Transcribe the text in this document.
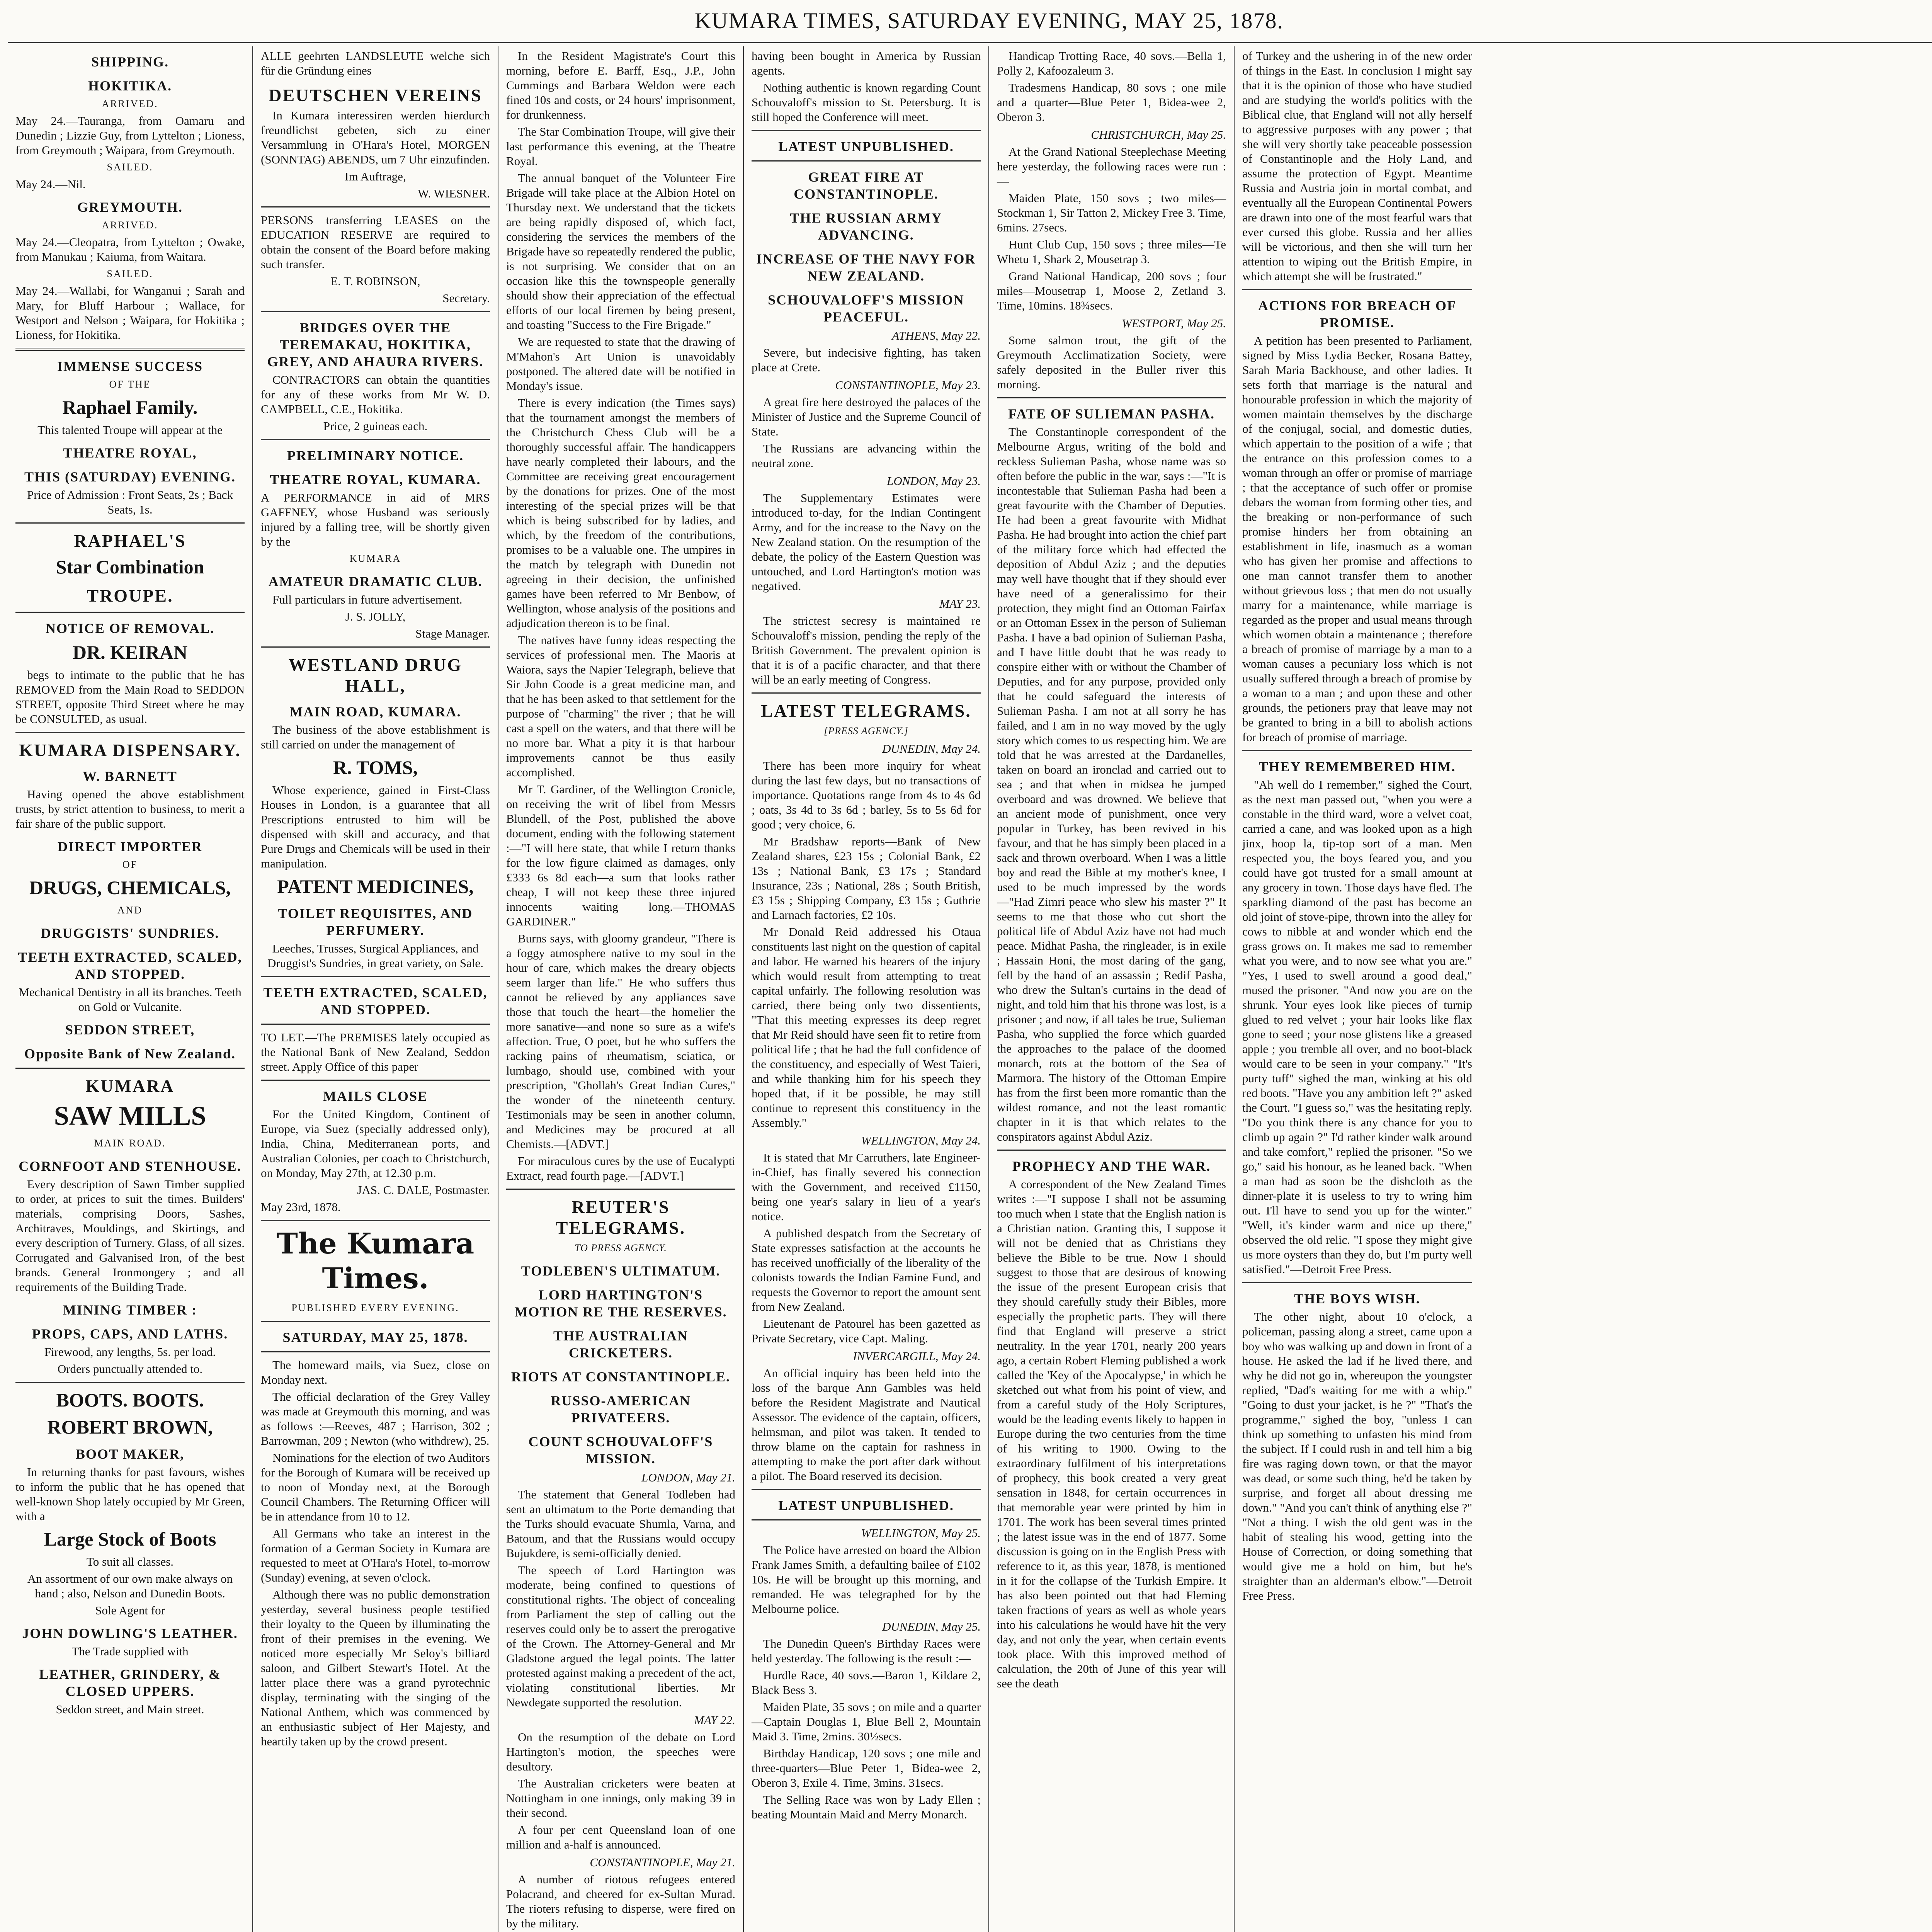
KUMARA TIMES, SATURDAY EVENING, MAY 25, 1878.
SHIPPING.
HOKITIKA.
ARRIVED.

May 24.—Tauranga, from Oamaru and Dunedin ; Lizzie Guy, from Lyttelton ; Lioness, from Greymouth ; Waipara, from Greymouth.

SAILED.

May 24.—Nil.

GREYMOUTH.
ARRIVED.

May 24.—Cleopatra, from Lyttelton ; Owake, from Manukau ; Kaiuma, from Waitara.

SAILED.

May 24.—Wallabi, for Wanganui ; Sarah and Mary, for Bluff Harbour ; Wallace, for Westport and Nelson ; Waipara, for Hokitika ; Lioness, for Hokitika.

IMMENSE SUCCESS
OF THE
Raphael Family.

This talented Troupe will appear at the

THEATRE ROYAL,
THIS (SATURDAY) EVENING.

Price of Admission : Front Seats, 2s ; Back Seats, 1s.

RAPHAEL'S
Star Combination
TROUPE.
NOTICE OF REMOVAL.
DR. KEIRAN

begs to intimate to the public that he has REMOVED from the Main Road to SEDDON STREET, opposite Third Street where he may be CONSULTED, as usual.

KUMARA DISPENSARY.
W. BARNETT

Having opened the above establishment trusts, by strict attention to business, to merit a fair share of the public support.

DIRECT IMPORTER
OF
DRUGS, CHEMICALS,
AND
DRUGGISTS' SUNDRIES.
TEETH EXTRACTED, SCALED, AND STOPPED.

Mechanical Dentistry in all its branches. Teeth on Gold or Vulcanite.

SEDDON STREET,
Opposite Bank of New Zealand.
KUMARA
SAW MILLS
MAIN ROAD.
CORNFOOT AND STENHOUSE.

Every description of Sawn Timber supplied to order, at prices to suit the times. Builders' materials, comprising Doors, Sashes, Architraves, Mouldings, and Skirtings, and every description of Turnery. Glass, of all sizes. Corrugated and Galvanised Iron, of the best brands. General Ironmongery ; and all requirements of the Building Trade.

MINING TIMBER :
PROPS, CAPS, AND LATHS.

Firewood, any lengths, 5s. per load.

Orders punctually attended to.

BOOTS. BOOTS.
ROBERT BROWN,
BOOT MAKER,

In returning thanks for past favours, wishes to inform the public that he has opened that well-known Shop lately occupied by Mr Green, with a

Large Stock of Boots

To suit all classes.

An assortment of our own make always on hand ; also, Nelson and Dunedin Boots.

Sole Agent for

JOHN DOWLING'S LEATHER.

The Trade supplied with

LEATHER, GRINDERY, & CLOSED UPPERS.

Seddon street, and Main street.

ALLE geehrten LANDSLEUTE welche sich für die Gründung eines

DEUTSCHEN VEREINS

In Kumara interessiren werden hierdurch freundlichst gebeten, sich zu einer Versammlung in O'Hara's Hotel, MORGEN (SONNTAG) ABENDS, um 7 Uhr einzufinden.

Im Auftrage,

W. WIESNER.

PERSONS transferring LEASES on the EDUCATION RESERVE are required to obtain the consent of the Board before making such transfer.

E. T. ROBINSON,

Secretary.

BRIDGES OVER THE TEREMAKAU, HOKITIKA, GREY, AND AHAURA RIVERS.

CONTRACTORS can obtain the quantities for any of these works from Mr W. D. CAMPBELL, C.E., Hokitika.

Price, 2 guineas each.

PRELIMINARY NOTICE.
THEATRE ROYAL, KUMARA.

A PERFORMANCE in aid of MRS GAFFNEY, whose Husband was seriously injured by a falling tree, will be shortly given by the

KUMARA
AMATEUR DRAMATIC CLUB.

Full particulars in future advertisement.

J. S. JOLLY,

Stage Manager.

WESTLAND DRUG HALL,
MAIN ROAD, KUMARA.

The business of the above establishment is still carried on under the management of

R. TOMS,

Whose experience, gained in First-Class Houses in London, is a guarantee that all Prescriptions entrusted to him will be dispensed with skill and accuracy, and that Pure Drugs and Chemicals will be used in their manipulation.

PATENT MEDICINES,
TOILET REQUISITES, AND PERFUMERY.

Leeches, Trusses, Surgical Appliances, and Druggist's Sundries, in great variety, on Sale.

TEETH EXTRACTED, SCALED, AND STOPPED.

TO LET.—The PREMISES lately occupied as the National Bank of New Zealand, Seddon street. Apply Office of this paper

MAILS CLOSE

For the United Kingdom, Continent of Europe, via Suez (specially addressed only), India, China, Mediterranean ports, and Australian Colonies, per coach to Christchurch, on Monday, May 27th, at 12.30 p.m.

JAS. C. DALE, Postmaster.

May 23rd, 1878.

The Kumara Times.
PUBLISHED EVERY EVENING.
SATURDAY, MAY 25, 1878.

The homeward mails, via Suez, close on Monday next.

The official declaration of the Grey Valley was made at Greymouth this morning, and was as follows :—Reeves, 487 ; Harrison, 302 ; Barrowman, 209 ; Newton (who withdrew), 25.

Nominations for the election of two Auditors for the Borough of Kumara will be received up to noon of Monday next, at the Borough Council Chambers. The Returning Officer will be in attendance from 10 to 12.

All Germans who take an interest in the formation of a German Society in Kumara are requested to meet at O'Hara's Hotel, to-morrow (Sunday) evening, at seven o'clock.

Although there was no public demonstration yesterday, several business people testified their loyalty to the Queen by illuminating the front of their premises in the evening. We noticed more especially Mr Seloy's billiard saloon, and Gilbert Stewart's Hotel. At the latter place there was a grand pyrotechnic display, terminating with the singing of the National Anthem, which was commenced by an enthusiastic subject of Her Majesty, and heartily taken up by the crowd present.

In the Resident Magistrate's Court this morning, before E. Barff, Esq., J.P., John Cummings and Barbara Weldon were each fined 10s and costs, or 24 hours' imprisonment, for drunkenness.

The Star Combination Troupe, will give their last performance this evening, at the Theatre Royal.

The annual banquet of the Volunteer Fire Brigade will take place at the Albion Hotel on Thursday next. We understand that the tickets are being rapidly disposed of, which fact, considering the services the members of the Brigade have so repeatedly rendered the public, is not surprising. We consider that on an occasion like this the townspeople generally should show their appreciation of the effectual efforts of our local firemen by being present, and toasting "Success to the Fire Brigade."

We are requested to state that the drawing of M'Mahon's Art Union is unavoidably postponed. The altered date will be notified in Monday's issue.

There is every indication (the Times says) that the tournament amongst the members of the Christchurch Chess Club will be a thoroughly successful affair. The handicappers have nearly completed their labours, and the Committee are receiving great encouragement by the donations for prizes. One of the most interesting of the special prizes will be that which is being subscribed for by ladies, and which, by the freedom of the contributions, promises to be a valuable one. The umpires in the match by telegraph with Dunedin not agreeing in their decision, the unfinished games have been referred to Mr Benbow, of Wellington, whose analysis of the positions and adjudication thereon is to be final.

The natives have funny ideas respecting the services of professional men. The Maoris at Waiora, says the Napier Telegraph, believe that Sir John Coode is a great medicine man, and that he has been asked to that settlement for the purpose of "charming" the river ; that he will cast a spell on the waters, and that there will be no more bar. What a pity it is that harbour improvements cannot be thus easily accomplished.

Mr T. Gardiner, of the Wellington Cronicle, on receiving the writ of libel from Messrs Blundell, of the Post, published the above document, ending with the following statement :—"I will here state, that while I return thanks for the low figure claimed as damages, only £333 6s 8d each—a sum that looks rather cheap, I will not keep these three injured innocents waiting long.—THOMAS GARDINER."

Burns says, with gloomy grandeur, "There is a foggy atmosphere native to my soul in the hour of care, which makes the dreary objects seem larger than life." He who suffers thus cannot be relieved by any appliances save those that touch the heart—the homelier the more sanative—and none so sure as a wife's affection. True, O poet, but he who suffers the racking pains of rheumatism, sciatica, or lumbago, should use, combined with your prescription, "Ghollah's Great Indian Cures," the wonder of the nineteenth century. Testimonials may be seen in another column, and Medicines may be procured at all Chemists.—[ADVT.]

For miraculous cures by the use of Eucalypti Extract, read fourth page.—[ADVT.]

REUTER'S TELEGRAMS.
TO PRESS AGENCY.
TODLEBEN'S ULTIMATUM.
LORD HARTINGTON'S MOTION RE THE RESERVES.
THE AUSTRALIAN CRICKETERS.
RIOTS AT CONSTANTINOPLE.
RUSSO-AMERICAN PRIVATEERS.
COUNT SCHOUVALOFF'S MISSION.
LONDON, May 21.

The statement that General Todleben had sent an ultimatum to the Porte demanding that the Turks should evacuate Shumla, Varna, and Batoum, and that the Russians would occupy Bujukdere, is semi-officially denied.

The speech of Lord Hartington was moderate, being confined to questions of constitutional rights. The object of concealing from Parliament the step of calling out the reserves could only be to assert the prerogative of the Crown. The Attorney-General and Mr Gladstone argued the legal points. The latter protested against making a precedent of the act, violating constitutional liberties. Mr Newdegate supported the resolution.

MAY 22.

On the resumption of the debate on Lord Hartington's motion, the speeches were desultory.

The Australian cricketers were beaten at Nottingham in one innings, only making 39 in their second.

A four per cent Queensland loan of one million and a-half is announced.

CONSTANTINOPLE, May 21.

A number of riotous refugees entered Polacrand, and cheered for ex-Sultan Murad. The rioters refusing to disperse, were fired on by the military.

having been bought in America by Russian agents.

Nothing authentic is known regarding Count Schouvaloff's mission to St. Petersburg. It is still hoped the Conference will meet.

LATEST UNPUBLISHED.
GREAT FIRE AT CONSTANTINOPLE.
THE RUSSIAN ARMY ADVANCING.
INCREASE OF THE NAVY FOR NEW ZEALAND.
SCHOUVALOFF'S MISSION PEACEFUL.
ATHENS, May 22.

Severe, but indecisive fighting, has taken place at Crete.

CONSTANTINOPLE, May 23.

A great fire here destroyed the palaces of the Minister of Justice and the Supreme Council of State.

The Russians are advancing within the neutral zone.

LONDON, May 23.

The Supplementary Estimates were introduced to-day, for the Indian Contingent Army, and for the increase to the Navy on the New Zealand station. On the resumption of the debate, the policy of the Eastern Question was untouched, and Lord Hartington's motion was negatived.

MAY 23.

The strictest secresy is maintained re Schouvaloff's mission, pending the reply of the British Government. The prevalent opinion is that it is of a pacific character, and that there will be an early meeting of Congress.

LATEST TELEGRAMS.
[PRESS AGENCY.]
DUNEDIN, May 24.

There has been more inquiry for wheat during the last few days, but no transactions of importance. Quotations range from 4s to 4s 6d ; oats, 3s 4d to 3s 6d ; barley, 5s to 5s 6d for good ; very choice, 6.

Mr Bradshaw reports—Bank of New Zealand shares, £23 15s ; Colonial Bank, £2 13s ; National Bank, £3 17s ; Standard Insurance, 23s ; National, 28s ; South British, £3 15s ; Shipping Company, £3 15s ; Guthrie and Larnach factories, £2 10s.

Mr Donald Reid addressed his Otaua constituents last night on the question of capital and labor. He warned his hearers of the injury which would result from attempting to treat capital unfairly. The following resolution was carried, there being only two dissentients, "That this meeting expresses its deep regret that Mr Reid should have seen fit to retire from political life ; that he had the full confidence of the constituency, and especially of West Taieri, and while thanking him for his speech they hoped that, if it be possible, he may still continue to represent this constituency in the Assembly."

WELLINGTON, May 24.

It is stated that Mr Carruthers, late Engineer-in-Chief, has finally severed his connection with the Government, and received £1150, being one year's salary in lieu of a year's notice.

A published despatch from the Secretary of State expresses satisfaction at the accounts he has received unofficially of the liberality of the colonists towards the Indian Famine Fund, and requests the Governor to report the amount sent from New Zealand.

Lieutenant de Patourel has been gazetted as Private Secretary, vice Capt. Maling.

INVERCARGILL, May 24.

An official inquiry has been held into the loss of the barque Ann Gambles was held before the Resident Magistrate and Nautical Assessor. The evidence of the captain, officers, helmsman, and pilot was taken. It tended to throw blame on the captain for rashness in attempting to make the port after dark without a pilot. The Board reserved its decision.

LATEST UNPUBLISHED.
WELLINGTON, May 25.

The Police have arrested on board the Albion Frank James Smith, a defaulting bailee of £102 10s. He will be brought up this morning, and remanded. He was telegraphed for by the Melbourne police.

DUNEDIN, May 25.

The Dunedin Queen's Birthday Races were held yesterday. The following is the result :—

Hurdle Race, 40 sovs.—Baron 1, Kildare 2, Black Bess 3.

Maiden Plate, 35 sovs ; on mile and a quarter—Captain Douglas 1, Blue Bell 2, Mountain Maid 3. Time, 2mins. 30½secs.

Birthday Handicap, 120 sovs ; one mile and three-quarters—Blue Peter 1, Bidea-wee 2, Oberon 3, Exile 4. Time, 3mins. 31secs.

The Selling Race was won by Lady Ellen ; beating Mountain Maid and Merry Monarch.

Handicap Trotting Race, 40 sovs.—Bella 1, Polly 2, Kafoozaleum 3.

Tradesmens Handicap, 80 sovs ; one mile and a quarter—Blue Peter 1, Bidea-wee 2, Oberon 3.

CHRISTCHURCH, May 25.

At the Grand National Steeplechase Meeting here yesterday, the following races were run :—

Maiden Plate, 150 sovs ; two miles—Stockman 1, Sir Tatton 2, Mickey Free 3. Time, 6mins. 27secs.

Hunt Club Cup, 150 sovs ; three miles—Te Whetu 1, Shark 2, Mousetrap 3.

Grand National Handicap, 200 sovs ; four miles—Mousetrap 1, Moose 2, Zetland 3. Time, 10mins. 18¾secs.

WESTPORT, May 25.

Some salmon trout, the gift of the Greymouth Acclimatization Society, were safely deposited in the Buller river this morning.

FATE OF SULIEMAN PASHA.

The Constantinople correspondent of the Melbourne Argus, writing of the bold and reckless Sulieman Pasha, whose name was so often before the public in the war, says :—"It is incontestable that Sulieman Pasha had been a great favourite with the Chamber of Deputies. He had been a great favourite with Midhat Pasha. He had brought into action the chief part of the military force which had effected the deposition of Abdul Aziz ; and the deputies may well have thought that if they should ever have need of a generalissimo for their protection, they might find an Ottoman Fairfax or an Ottoman Essex in the person of Sulieman Pasha. I have a bad opinion of Sulieman Pasha, and I have little doubt that he was ready to conspire either with or without the Chamber of Deputies, and for any purpose, provided only that he could safeguard the interests of Sulieman Pasha. I am not at all sorry he has failed, and I am in no way moved by the ugly story which comes to us respecting him. We are told that he was arrested at the Dardanelles, taken on board an ironclad and carried out to sea ; and that when in midsea he jumped overboard and was drowned. We believe that an ancient mode of punishment, once very popular in Turkey, has been revived in his favour, and that he has simply been placed in a sack and thrown overboard. When I was a little boy and read the Bible at my mother's knee, I used to be much impressed by the words—"Had Zimri peace who slew his master ?" It seems to me that those who cut short the political life of Abdul Aziz have not had much peace. Midhat Pasha, the ringleader, is in exile ; Hassain Honi, the most daring of the gang, fell by the hand of an assassin ; Redif Pasha, who drew the Sultan's curtains in the dead of night, and told him that his throne was lost, is a prisoner ; and now, if all tales be true, Sulieman Pasha, who supplied the force which guarded the approaches to the palace of the doomed monarch, rots at the bottom of the Sea of Marmora. The history of the Ottoman Empire has from the first been more romantic than the wildest romance, and not the least romantic chapter in it is that which relates to the conspirators against Abdul Aziz.

PROPHECY AND THE WAR.

A correspondent of the New Zealand Times writes :—"I suppose I shall not be assuming too much when I state that the English nation is a Christian nation. Granting this, I suppose it will not be denied that as Christians they believe the Bible to be true. Now I should suggest to those that are desirous of knowing the issue of the present European crisis that they should carefully study their Bibles, more especially the prophetic parts. They will there find that England will preserve a strict neutrality. In the year 1701, nearly 200 years ago, a certain Robert Fleming published a work called the 'Key of the Apocalypse,' in which he sketched out what from his point of view, and from a careful study of the Holy Scriptures, would be the leading events likely to happen in Europe during the two centuries from the time of his writing to 1900. Owing to the extraordinary fulfilment of his interpretations of prophecy, this book created a very great sensation in 1848, for certain occurrences in that memorable year were printed by him in 1701. The work has been several times printed ; the latest issue was in the end of 1877. Some discussion is going on in the English Press with reference to it, as this year, 1878, is mentioned in it for the collapse of the Turkish Empire. It has also been pointed out that had Fleming taken fractions of years as well as whole years into his calculations he would have hit the very day, and not only the year, when certain events took place. With this improved method of calculation, the 20th of June of this year will see the death

of Turkey and the ushering in of the new order of things in the East. In conclusion I might say that it is the opinion of those who have studied and are studying the world's politics with the Biblical clue, that England will not ally herself to aggressive purposes with any power ; that she will very shortly take peaceable possession of Constantinople and the Holy Land, and assume the protection of Egypt. Meantime Russia and Austria join in mortal combat, and eventually all the European Continental Powers are drawn into one of the most fearful wars that ever cursed this globe. Russia and her allies will be victorious, and then she will turn her attention to wiping out the British Empire, in which attempt she will be frustrated."

ACTIONS FOR BREACH OF PROMISE.

A petition has been presented to Parliament, signed by Miss Lydia Becker, Rosana Battey, Sarah Maria Backhouse, and other ladies. It sets forth that marriage is the natural and honourable profession in which the majority of women maintain themselves by the discharge of the conjugal, social, and domestic duties, which appertain to the position of a wife ; that the entrance on this profession comes to a woman through an offer or promise of marriage ; that the acceptance of such offer or promise debars the woman from forming other ties, and the breaking or non-performance of such promise hinders her from obtaining an establishment in life, inasmuch as a woman who has given her promise and affections to one man cannot transfer them to another without grievous loss ; that men do not usually marry for a maintenance, while marriage is regarded as the proper and usual means through which women obtain a maintenance ; therefore a breach of promise of marriage by a man to a woman causes a pecuniary loss which is not usually suffered through a breach of promise by a woman to a man ; and upon these and other grounds, the petioners pray that leave may not be granted to bring in a bill to abolish actions for breach of promise of marriage.

THEY REMEMBERED HIM.

"Ah well do I remember," sighed the Court, as the next man passed out, "when you were a constable in the third ward, wore a velvet coat, carried a cane, and was looked upon as a high jinx, hoop la, tip-top sort of a man. Men respected you, the boys feared you, and you could have got trusted for a small amount at any grocery in town. Those days have fled. The sparkling diamond of the past has become an old joint of stove-pipe, thrown into the alley for cows to nibble at and wonder which end the grass grows on. It makes me sad to remember what you were, and to now see what you are." "Yes, I used to swell around a good deal," mused the prisoner. "And now you are on the shrunk. Your eyes look like pieces of turnip glued to red velvet ; your hair looks like flax gone to seed ; your nose glistens like a greased apple ; you tremble all over, and no boot-black would care to be seen in your company." "It's purty tuff" sighed the man, winking at his old red boots. "Have you any ambition left ?" asked the Court. "I guess so," was the hesitating reply. "Do you think there is any chance for you to climb up again ?" I'd rather kinder walk around and take comfort," replied the prisoner. "So we go," said his honour, as he leaned back. "When a man had as soon be the dishcloth as the dinner-plate it is useless to try to wring him out. I'll have to send you up for the winter." "Well, it's kinder warm and nice up there," observed the old relic. "I spose they might give us more oysters than they do, but I'm purty well satisfied."—Detroit Free Press.

THE BOYS WISH.

The other night, about 10 o'clock, a policeman, passing along a street, came upon a boy who was walking up and down in front of a house. He asked the lad if he lived there, and why he did not go in, whereupon the youngster replied, "Dad's waiting for me with a whip." "Going to dust your jacket, is he ?" "That's the programme," sighed the boy, "unless I can think up something to unfasten his mind from the subject. If I could rush in and tell him a big fire was raging down town, or that the mayor was dead, or some such thing, he'd be taken by surprise, and forget all about dressing me down." "And you can't think of anything else ?" "Not a thing. I wish the old gent was in the habit of stealing his wood, getting into the House of Correction, or doing something that would give me a hold on him, but he's straighter than an alderman's elbow."—Detroit Free Press.
